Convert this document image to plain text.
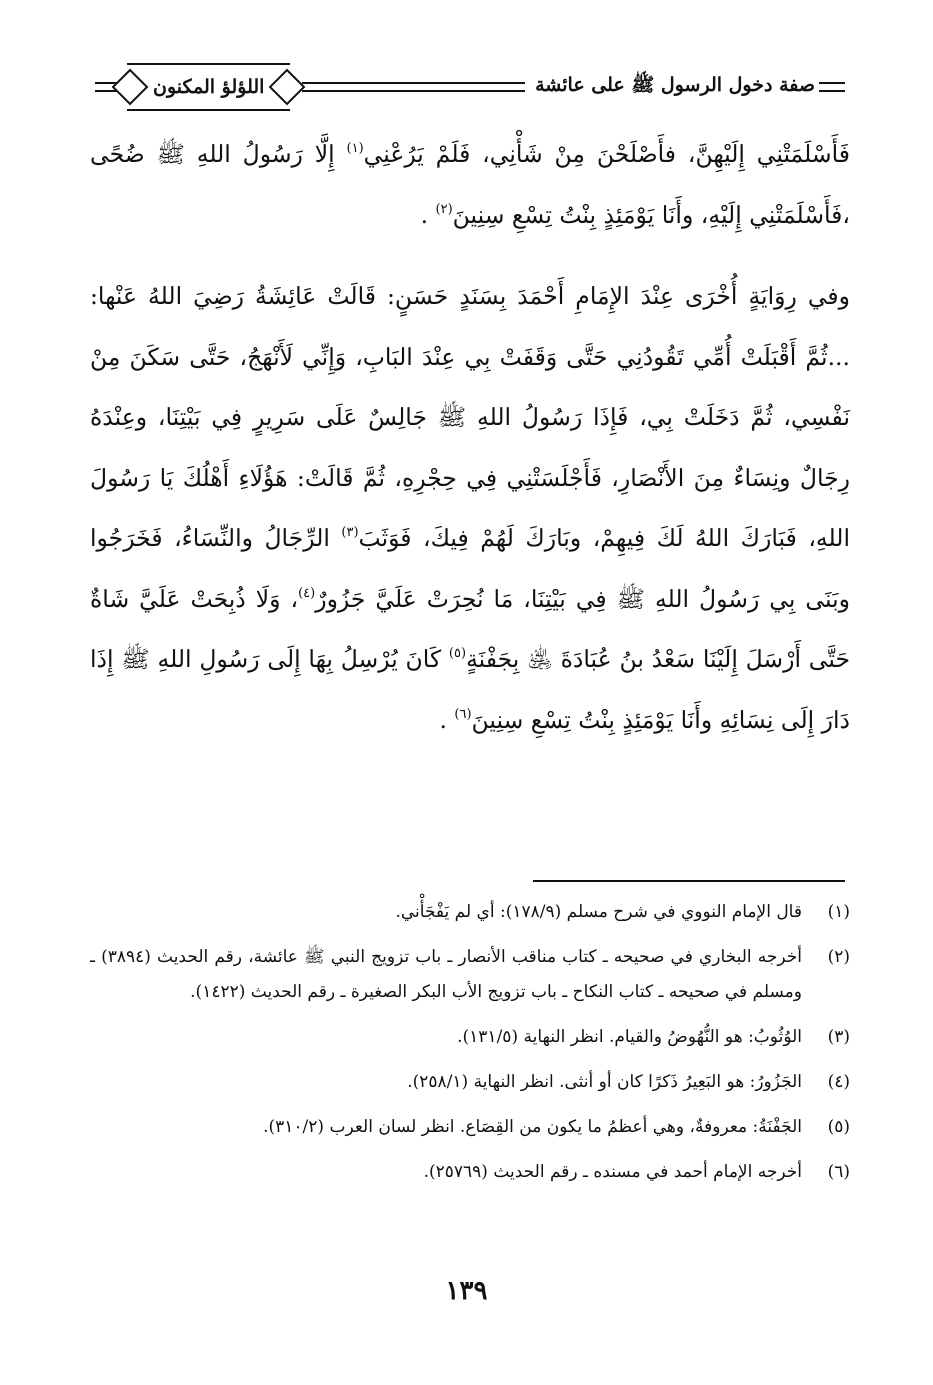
صفة دخول الرسول ﷺ على عائشة
اللؤلؤ المكنون

فَأَسْلَمَتْنِي إِلَيْهِنَّ، فأَصْلَحْنَ مِنْ شَأْنِي، فَلَمْ يَرُعْنِي$^{(١)}$ إِلَّا رَسُولُ اللهِ ﷺ ضُحًى ،فَأَسْلَمَتْنِي إِلَيْهِ، وأَنَا يَوْمَئِذٍ بِنْتُ تِسْعِ سِنِينَ$^{(٢)}$ .

وفي رِوَايَةٍ أُخْرَى عِنْدَ الإِمَامِ أَحْمَدَ بِسَنَدٍ حَسَنٍ: قَالَتْ عَائِشَةُ رَضِيَ اللهُ عَنْها: ...ثُمَّ أَقْبَلَتْ أُمِّي تَقُودُنِي حَتَّى وَقَفَتْ بِي عِنْدَ البَابِ، وَإِنِّي لَأَنْهَجُ، حَتَّى سَكَنَ مِنْ نَفْسِي، ثُمَّ دَخَلَتْ بِي، فَإِذَا رَسُولُ اللهِ ﷺ جَالِسٌ عَلَى سَرِيرٍ فِي بَيْتِنَا، وعِنْدَهُ رِجَالٌ ونِسَاءٌ مِنَ الأَنْصَارِ، فَأَجْلَسَتْنِي فِي حِجْرِهِ، ثُمَّ قَالَتْ: هَؤُلَاءِ أَهْلُكَ يَا رَسُولَ اللهِ، فَبَارَكَ اللهُ لَكَ فِيهِمْ، وبَارَكَ لَهُمْ فِيكَ، فَوَثَبَ$^{(٣)}$ الرِّجَالُ والنِّسَاءُ، فَخَرَجُوا وبَنَى بِي رَسُولُ اللهِ ﷺ فِي بَيْتِنَا، مَا نُحِرَتْ عَلَيَّ جَزُورٌ$^{(٤)}$، وَلَا ذُبِحَتْ عَلَيَّ شَاةٌ حَتَّى أَرْسَلَ إِلَيْنَا سَعْدُ بنُ عُبَادَةَ ﵁ بِجَفْنَةٍ$^{(٥)}$ كَانَ يُرْسِلُ بِهَا إِلَى رَسُولِ اللهِ ﷺ إِذَا دَارَ إِلَى نِسَائِهِ وأَنَا يَوْمَئِذٍ بِنْتُ تِسْعِ سِنِينَ$^{(٦)}$ .

(١)
قال الإمام النووي في شرح مسلم (١٧٨/٩): أي لم يَفْجَأْني.
(٢)
أخرجه البخاري في صحيحه ـ كتاب مناقب الأنصار ـ باب تزويج النبي ﷺ عائشة، رقم الحديث (٣٨٩٤) ـ ومسلم في صحيحه ـ كتاب النكاح ـ باب تزويج الأب البكر الصغيرة ـ رقم الحديث (١٤٢٢).
(٣)
الوُثُوبُ: هو النُّهُوضُ والقيام. انظر النهاية (١٣١/٥).
(٤)
الجَزُورُ: هو البَعِيرُ ذَكرًا كان أو أنثى. انظر النهاية (٢٥٨/١).
(٥)
الجَفْنَةُ: معروفةٌ، وهي أعظمُ ما يكون من القِصَاع. انظر لسان العرب (٣١٠/٢).
(٦)
أخرجه الإمام أحمد في مسنده ـ رقم الحديث (٢٥٧٦٩).
١٣٩
